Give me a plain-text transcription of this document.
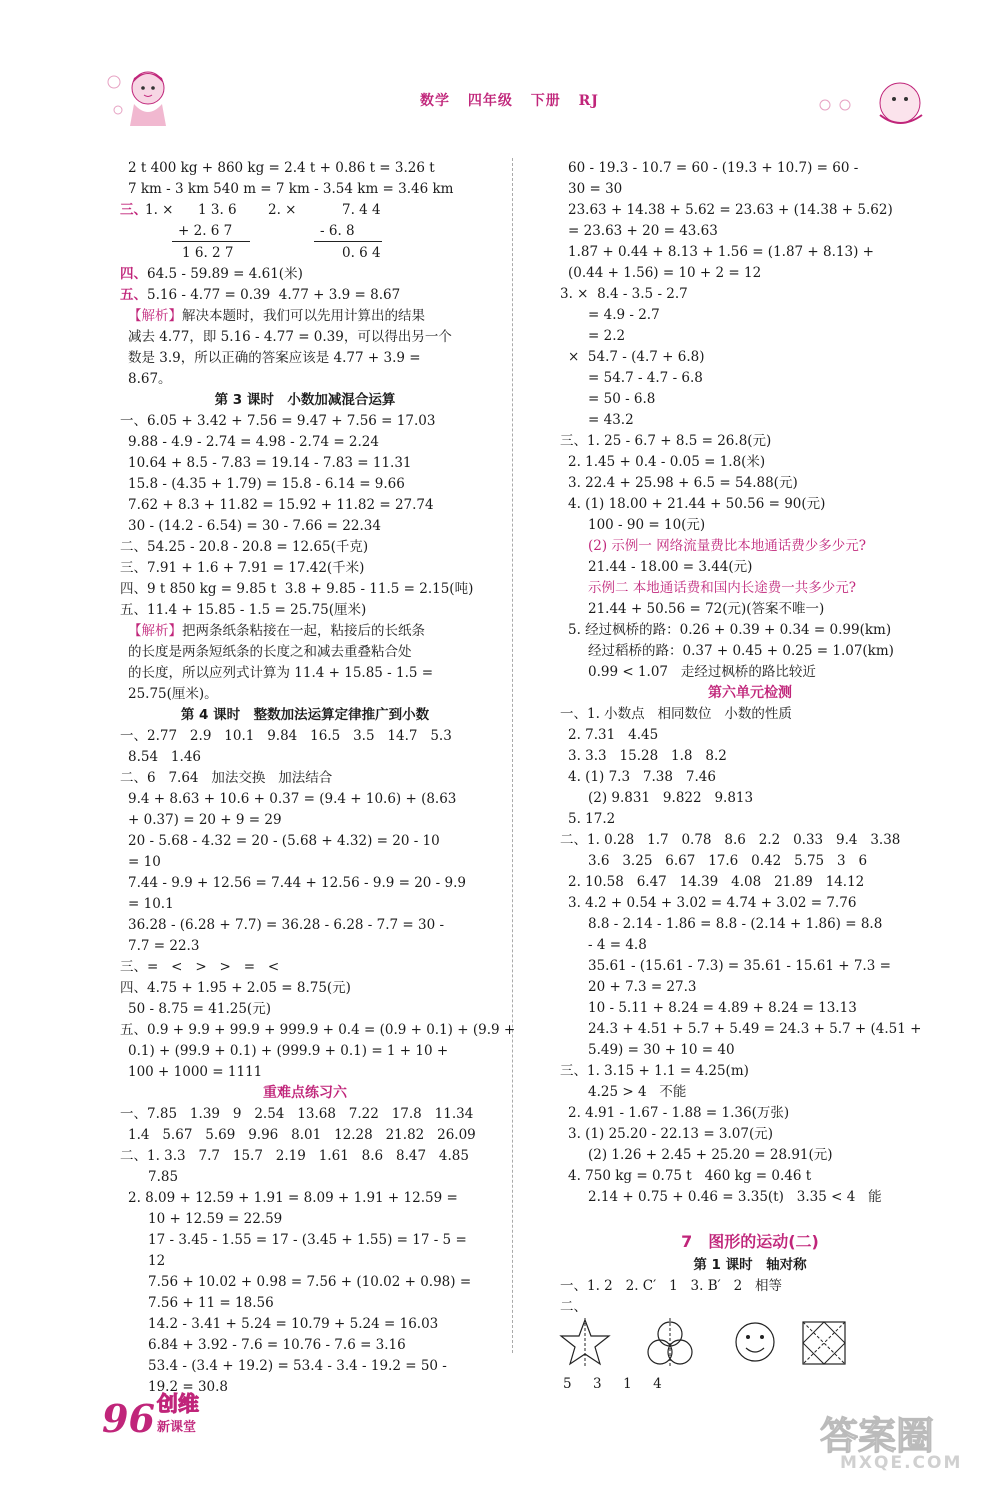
数学 四年级 下册 RJ
2 t 400 kg + 860 kg = 2.4 t + 0.86 t = 3.26 t
7 km - 3 km 540 m = 7 km - 3.54 km = 3.46 km
三、
1. × 1 3. 6 2. ×	7. 4 4
+ 2. 6 7	- 6. 8
1 6. 2 7	0. 6 4
四、64.5 - 59.89 = 4.61(米)
五、5.16 - 4.77 = 0.39  4.77 + 3.9 = 8.67
【解析】解决本题时，我们可以先用计算出的结果
减去 4.77，即 5.16 - 4.77 = 0.39，可以得出另一个
数是 3.9，所以正确的答案应该是 4.77 + 3.9 =
8.67。
第 3 课时　小数加减混合运算
一、6.05 + 3.42 + 7.56 = 9.47 + 7.56 = 17.03
9.88 - 4.9 - 2.74 = 4.98 - 2.74 = 2.24
10.64 + 8.5 - 7.83 = 19.14 - 7.83 = 11.31
15.8 - (4.35 + 1.79) = 15.8 - 6.14 = 9.66
7.62 + 8.3 + 11.82 = 15.92 + 11.82 = 27.74
30 - (14.2 - 6.54) = 30 - 7.66 = 22.34
二、54.25 - 20.8 - 20.8 = 12.65(千克)
三、7.91 + 1.6 + 7.91 = 17.42(千米)
四、9 t 850 kg = 9.85 t  3.8 + 9.85 - 11.5 = 2.15(吨)
五、11.4 + 15.85 - 1.5 = 25.75(厘米)
【解析】把两条纸条粘接在一起，粘接后的长纸条
的长度是两条短纸条的长度之和减去重叠粘合处
的长度，所以应列式计算为 11.4 + 15.85 - 1.5 =
25.75(厘米)。
第 4 课时　整数加法运算定律推广到小数
一、2.77   2.9   10.1   9.84   16.5   3.5   14.7   5.3
8.54   1.46
二、6   7.64   加法交换   加法结合
9.4 + 8.63 + 10.6 + 0.37 = (9.4 + 10.6) + (8.63
+ 0.37) = 20 + 9 = 29
20 - 5.68 - 4.32 = 20 - (5.68 + 4.32) = 20 - 10
= 10
7.44 - 9.9 + 12.56 = 7.44 + 12.56 - 9.9 = 20 - 9.9
= 10.1
36.28 - (6.28 + 7.7) = 36.28 - 6.28 - 7.7 = 30 -
7.7 = 22.3
三、=   <   >   >   =   <
四、4.75 + 1.95 + 2.05 = 8.75(元)
50 - 8.75 = 41.25(元)
五、0.9 + 9.9 + 99.9 + 999.9 + 0.4 = (0.9 + 0.1) + (9.9 +
0.1) + (99.9 + 0.1) + (999.9 + 0.1) = 1 + 10 +
100 + 1000 = 1111
重难点练习六
一、7.85   1.39   9   2.54   13.68   7.22   17.8   11.34
1.4   5.67   5.69   9.96   8.01   12.28   21.82   26.09
二、1. 3.3   7.7   15.7   2.19   1.61   8.6   8.47   4.85
7.85
2. 8.09 + 12.59 + 1.91 = 8.09 + 1.91 + 12.59 =
10 + 12.59 = 22.59
17 - 3.45 - 1.55 = 17 - (3.45 + 1.55) = 17 - 5 =
12
7.56 + 10.02 + 0.98 = 7.56 + (10.02 + 0.98) =
7.56 + 11 = 18.56
14.2 - 3.41 + 5.24 = 10.79 + 5.24 = 16.03
6.84 + 3.92 - 7.6 = 10.76 - 7.6 = 3.16
53.4 - (3.4 + 19.2) = 53.4 - 3.4 - 19.2 = 50 -
19.2 = 30.8
60 - 19.3 - 10.7 = 60 - (19.3 + 10.7) = 60 -
30 = 30
23.63 + 14.38 + 5.62 = 23.63 + (14.38 + 5.62)
= 23.63 + 20 = 43.63
1.87 + 0.44 + 8.13 + 1.56 = (1.87 + 8.13) +
(0.44 + 1.56) = 10 + 2 = 12
3. ×  8.4 - 3.5 - 2.7
= 4.9 - 2.7
= 2.2
×  54.7 - (4.7 + 6.8)
= 54.7 - 4.7 - 6.8
= 50 - 6.8
= 43.2
三、1. 25 - 6.7 + 8.5 = 26.8(元)
2. 1.45 + 0.4 - 0.05 = 1.8(米)
3. 22.4 + 25.98 + 6.5 = 54.88(元)
4. (1) 18.00 + 21.44 + 50.56 = 90(元)
100 - 90 = 10(元)
(2) 示例一 网络流量费比本地通话费少多少元?
21.44 - 18.00 = 3.44(元)
示例二 本地通话费和国内长途费一共多少元?
21.44 + 50.56 = 72(元)(答案不唯一)
5. 经过枫桥的路：0.26 + 0.39 + 0.34 = 0.99(km)
经过稻桥的路：0.37 + 0.45 + 0.25 = 1.07(km)
0.99 < 1.07   走经过枫桥的路比较近
第六单元检测
一、1. 小数点   相同数位   小数的性质
2. 7.31   4.45
3. 3.3   15.28   1.8   8.2
4. (1) 7.3   7.38   7.46
(2) 9.831   9.822   9.813
5. 17.2
二、1. 0.28   1.7   0.78   8.6   2.2   0.33   9.4   3.38
3.6   3.25   6.67   17.6   0.42   5.75   3   6
2. 10.58   6.47   14.39   4.08   21.89   14.12
3. 4.2 + 0.54 + 3.02 = 4.74 + 3.02 = 7.76
8.8 - 2.14 - 1.86 = 8.8 - (2.14 + 1.86) = 8.8
- 4 = 4.8
35.61 - (15.61 - 7.3) = 35.61 - 15.61 + 7.3 =
20 + 7.3 = 27.3
10 - 5.11 + 8.24 = 4.89 + 8.24 = 13.13
24.3 + 4.51 + 5.7 + 5.49 = 24.3 + 5.7 + (4.51 +
5.49) = 30 + 10 = 40
三、1. 3.15 + 1.1 = 4.25(m)
4.25 > 4   不能
2. 4.91 - 1.67 - 1.88 = 1.36(万张)
3. (1) 25.20 - 22.13 = 3.07(元)
(2) 1.26 + 2.45 + 25.20 = 28.91(元)
4. 750 kg = 0.75 t   460 kg = 0.46 t
2.14 + 0.75 + 0.46 = 3.35(t)   3.35 < 4   能
7　图形的运动(二)
第 1 课时　轴对称
一、1. 2   2. C′   1   3. B′   2   相等
二、
5     3     1     4
96 创维
新课堂	答案圈
MXQE.COM
